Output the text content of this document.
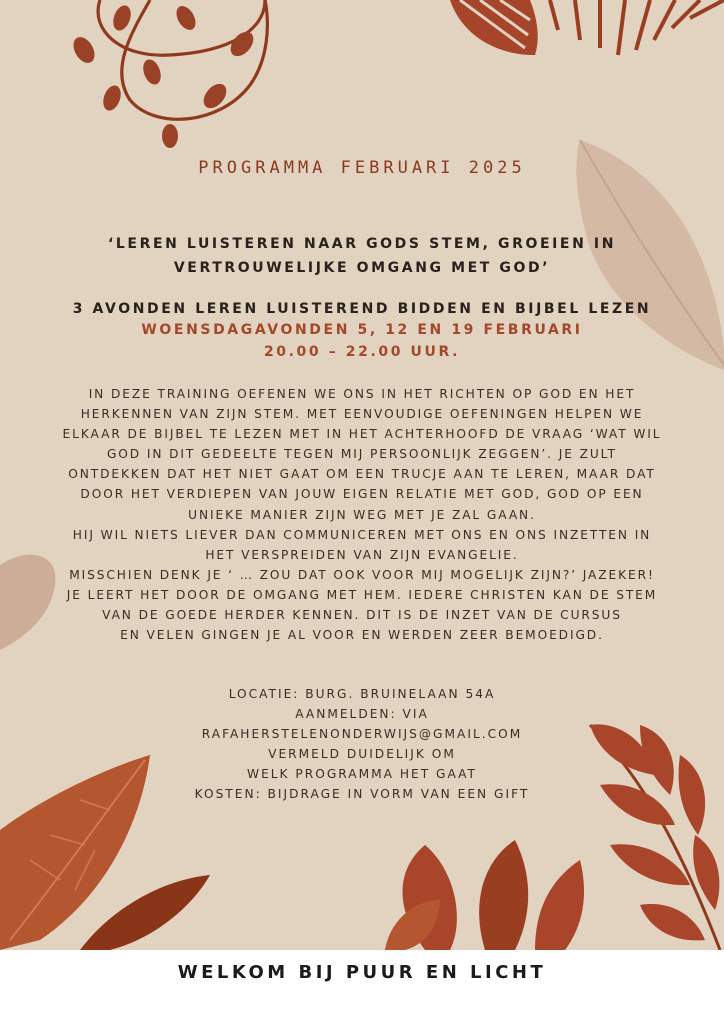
PROGRAMMA FEBRUARI 2025
‘LEREN LUISTEREN NAAR GODS STEM, GROEIEN IN
VERTROUWELIJKE OMGANG MET GOD’
3 AVONDEN LEREN LUISTEREND BIDDEN EN BIJBEL LEZEN
WOENSDAGAVONDEN 5, 12 EN 19 FEBRUARI
20.00 – 22.00 UUR.
IN DEZE TRAINING OEFENEN WE ONS IN HET RICHTEN OP GOD EN HET
HERKENNEN VAN ZIJN STEM. MET EENVOUDIGE OEFENINGEN HELPEN WE
ELKAAR DE BIJBEL TE LEZEN MET IN HET ACHTERHOOFD DE VRAAG ‘WAT WIL
GOD IN DIT GEDEELTE TEGEN MIJ PERSOONLIJK ZEGGEN’. JE ZULT
ONTDEKKEN DAT HET NIET GAAT OM EEN TRUCJE AAN TE LEREN, MAAR DAT
DOOR HET VERDIEPEN VAN JOUW EIGEN RELATIE MET GOD, GOD OP EEN
UNIEKE MANIER ZIJN WEG MET JE ZAL GAAN.
HIJ WIL NIETS LIEVER DAN COMMUNICEREN MET ONS EN ONS INZETTEN IN
HET VERSPREIDEN VAN ZIJN EVANGELIE.
MISSCHIEN DENK JE ‘ … ZOU DAT OOK VOOR MIJ MOGELIJK ZIJN?’ JAZEKER!
JE LEERT HET DOOR DE OMGANG MET HEM. IEDERE CHRISTEN KAN DE STEM
VAN DE GOEDE HERDER KENNEN. DIT IS DE INZET VAN DE CURSUS
EN VELEN GINGEN JE AL VOOR EN WERDEN ZEER BEMOEDIGD.
LOCATIE: BURG. BRUINELAAN 54A
AANMELDEN: VIA
RAFAHERSTELENONDERWIJS@GMAIL.COM
VERMELD DUIDELIJK OM
WELK PROGRAMMA HET GAAT
KOSTEN: BIJDRAGE IN VORM VAN EEN GIFT
WELKOM BIJ PUUR EN LICHT
